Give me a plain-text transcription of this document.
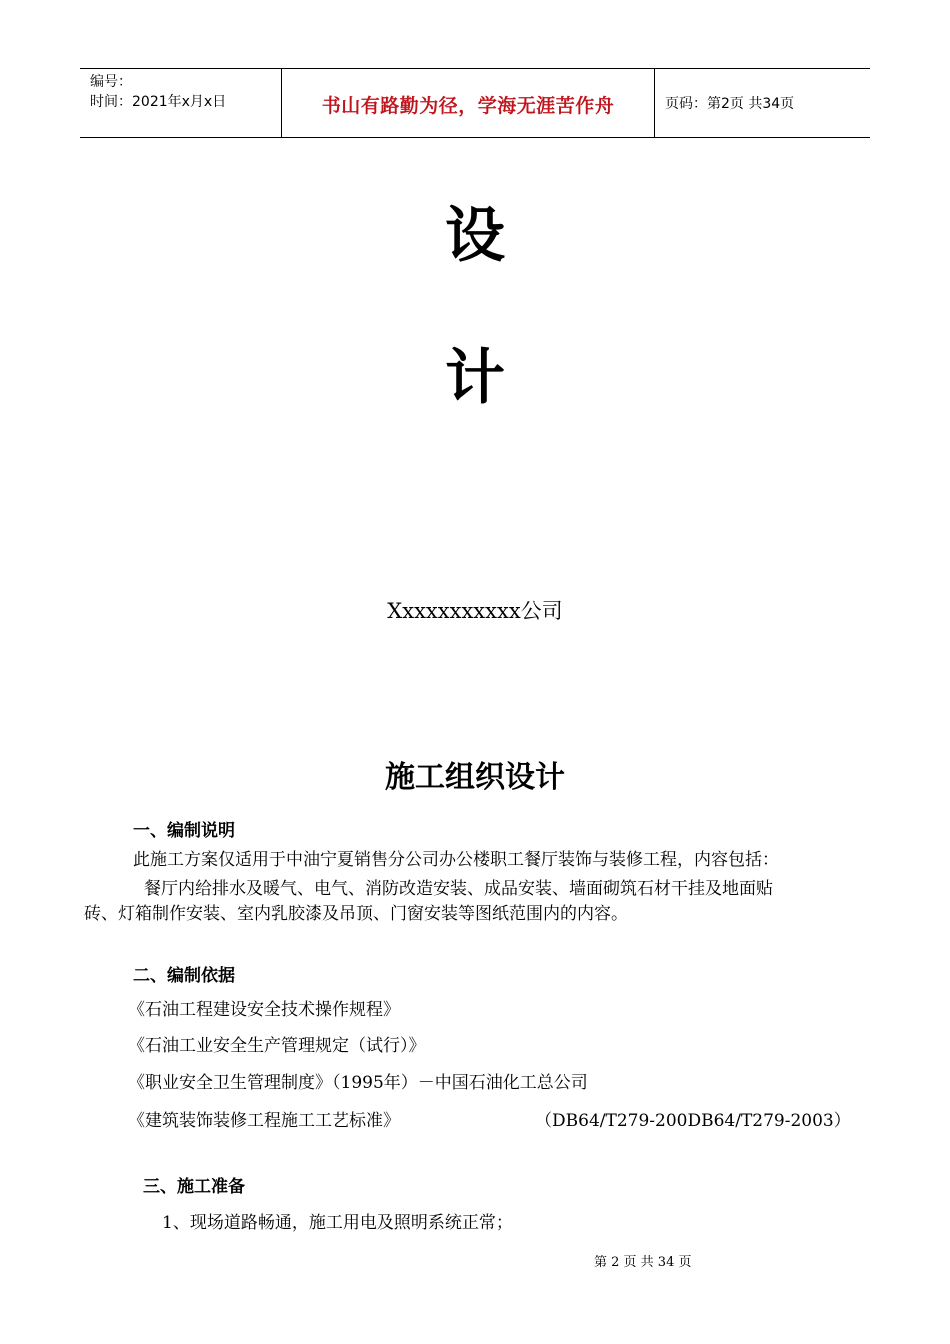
编号：
时间：2021年x月x日	书山有路勤为径，学海无涯苦作舟	页码：第2页 共34页
设
计
Xxxxxxxxxxx公司
施工组织设计
一、编制说明
此施工方案仅适用于中油宁夏销售分公司办公楼职工餐厅装饰与装修工程，内容包括：
餐厅内给排水及暖气、电气、消防改造安装、成品安装、墙面砌筑石材干挂及地面贴
砖、灯箱制作安装、室内乳胶漆及吊顶、门窗安装等图纸范围内的内容。
二、编制依据
《石油工程建设安全技术操作规程》
《石油工业安全生产管理规定（试行）》
《职业安全卫生管理制度》（1995年）－中国石油化工总公司
《建筑装饰装修工程施工工艺标准》	（DB64/T279-200DB64/T279-2003）
三、施工准备
1、现场道路畅通，施工用电及照明系统正常；
第 2 页 共 34 页
